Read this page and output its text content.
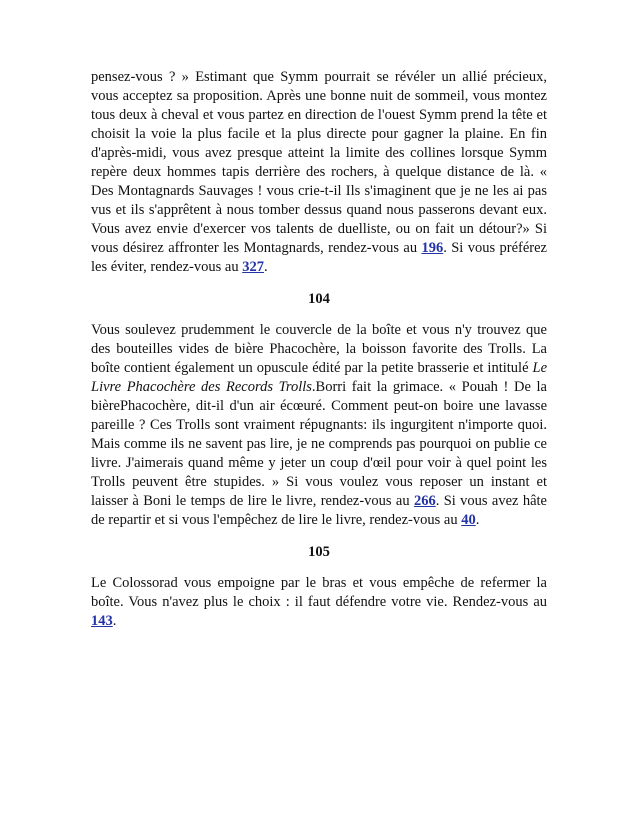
pensez-vous ? » Estimant que Symm pourrait se révéler un allié précieux, vous acceptez sa proposition. Après une bonne nuit de sommeil, vous montez tous deux à cheval et vous partez en direction de l'ouest Symm prend la tête et choisit la voie la plus facile et la plus directe pour gagner la plaine. En fin d'après-midi, vous avez presque atteint la limite des collines lorsque Symm repère deux hommes tapis derrière des rochers, à quelque distance de là. « Des Montagnards Sauvages ! vous crie-t-il Ils s'imaginent que je ne les ai pas vus et ils s'apprêtent à nous tomber dessus quand nous passerons devant eux. Vous avez envie d'exercer vos talents de duelliste, ou on fait un détour?» Si vous désirez affronter les Montagnards, rendez-vous au 196. Si vous préférez les éviter, rendez-vous au 327.

104

Vous soulevez prudemment le couvercle de la boîte et vous n'y trouvez que des bouteilles vides de bière Phacochère, la boisson favorite des Trolls. La boîte contient également un opuscule édité par la petite brasserie et intitulé Le Livre Phacochère des Records Trolls.Borri fait la grimace. « Pouah ! De la bièrePhacochère, dit-il d'un air écœuré. Comment peut-on boire une lavasse pareille ? Ces Trolls sont vraiment répugnants: ils ingurgitent n'importe quoi. Mais comme ils ne savent pas lire, je ne comprends pas pourquoi on publie ce livre. J'aimerais quand même y jeter un coup d'œil pour voir à quel point les Trolls peuvent être stupides. » Si vous voulez vous reposer un instant et laisser à Boni le temps de lire le livre, rendez-vous au 266. Si vous avez hâte de repartir et si vous l'empêchez de lire le livre, rendez-vous au 40.

105

Le Colossorad vous empoigne par le bras et vous empêche de refermer la boîte. Vous n'avez plus le choix : il faut défendre votre vie. Rendez-vous au 143.
